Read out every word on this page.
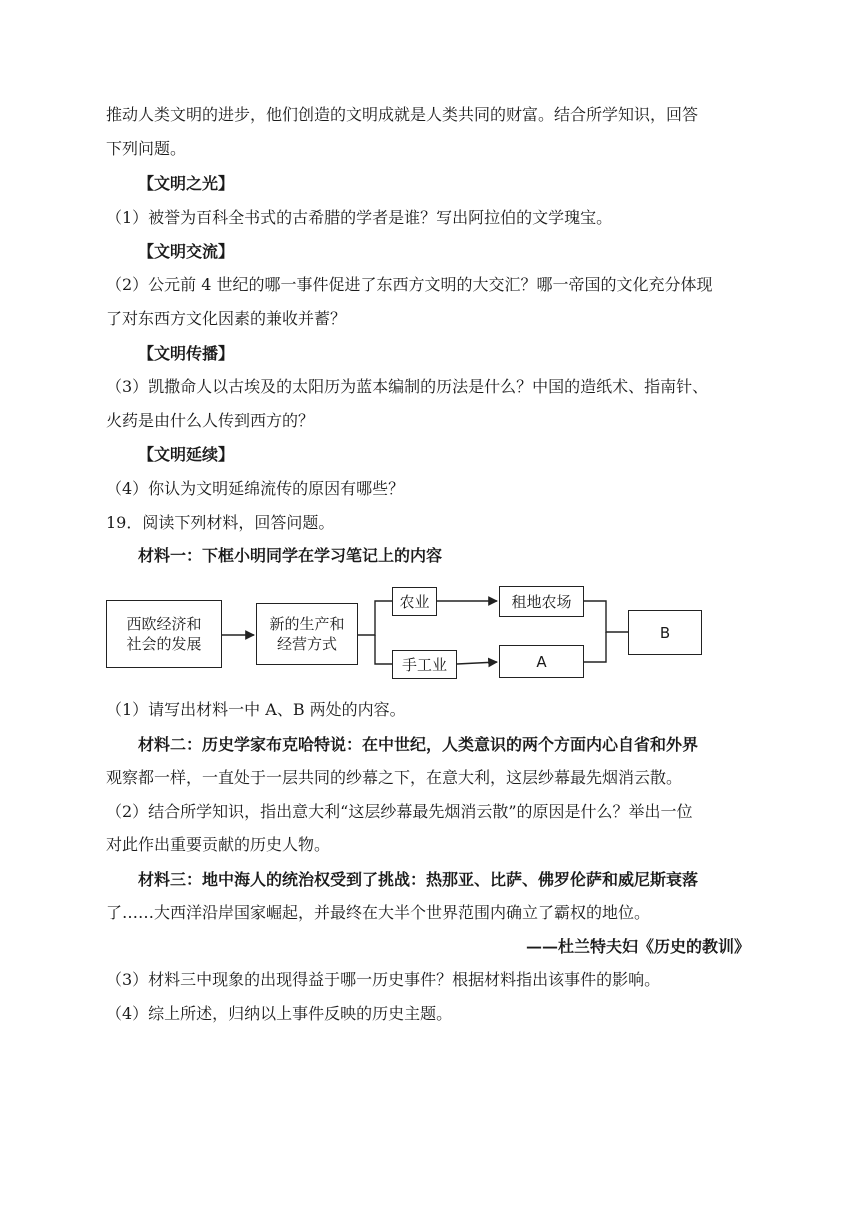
推动人类文明的进步，他们创造的文明成就是人类共同的财富。结合所学知识，回答
下列问题。
【文明之光】
（1）被誉为百科全书式的古希腊的学者是谁？写出阿拉伯的文学瑰宝。
【文明交流】
（2）公元前 4 世纪的哪一事件促进了东西方文明的大交汇？哪一帝国的文化充分体现
了对东西方文化因素的兼收并蓄？
【文明传播】
（3）凯撒命人以古埃及的太阳历为蓝本编制的历法是什么？中国的造纸术、指南针、
火药是由什么人传到西方的？
【文明延续】
（4）你认为文明延绵流传的原因有哪些？
19．阅读下列材料，回答问题。
材料一：下框小明同学在学习笔记上的内容
西欧经济和
社会的发展
新的生产和
经营方式
农业
手工业
租地农场
A
B
（1）请写出材料一中 A、B 两处的内容。
材料二：历史学家布克哈特说：在中世纪，人类意识的两个方面内心自省和外界
观察都一样，一直处于一层共同的纱幕之下，在意大利，这层纱幕最先烟消云散。
（2）结合所学知识，指出意大利“这层纱幕最先烟消云散”的原因是什么？举出一位
对此作出重要贡献的历史人物。
材料三：地中海人的统治权受到了挑战：热那亚、比萨、佛罗伦萨和威尼斯衰落
了……大西洋沿岸国家崛起，并最终在大半个世界范围内确立了霸权的地位。
——杜兰特夫妇《历史的教训》
（3）材料三中现象的出现得益于哪一历史事件？根据材料指出该事件的影响。
（4）综上所述，归纳以上事件反映的历史主题。
